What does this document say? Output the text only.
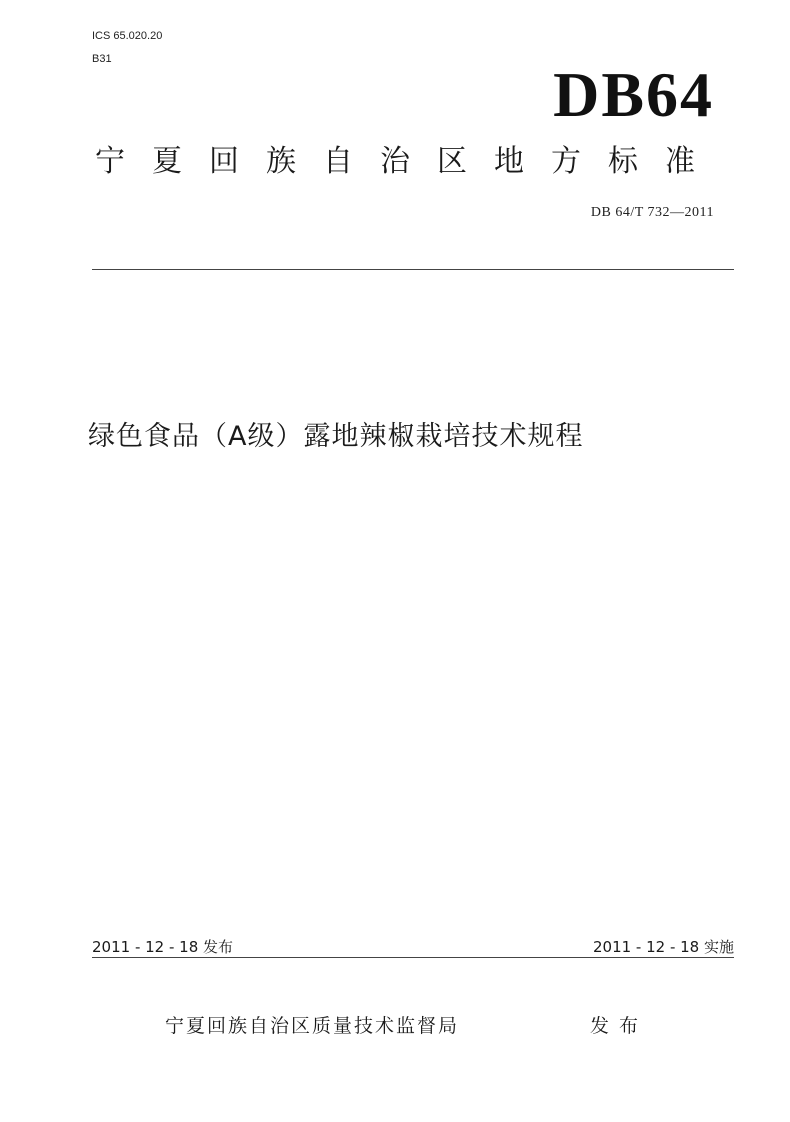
ICS 65.020.20
B31	DB64
宁夏回族自治区地方标准
DB 64/T 732—2011
绿色食品（A级）露地辣椒栽培技术规程
2011 - 12 - 18 发布	2011 - 12 - 18 实施
宁夏回族自治区质量技术监督局	发布
